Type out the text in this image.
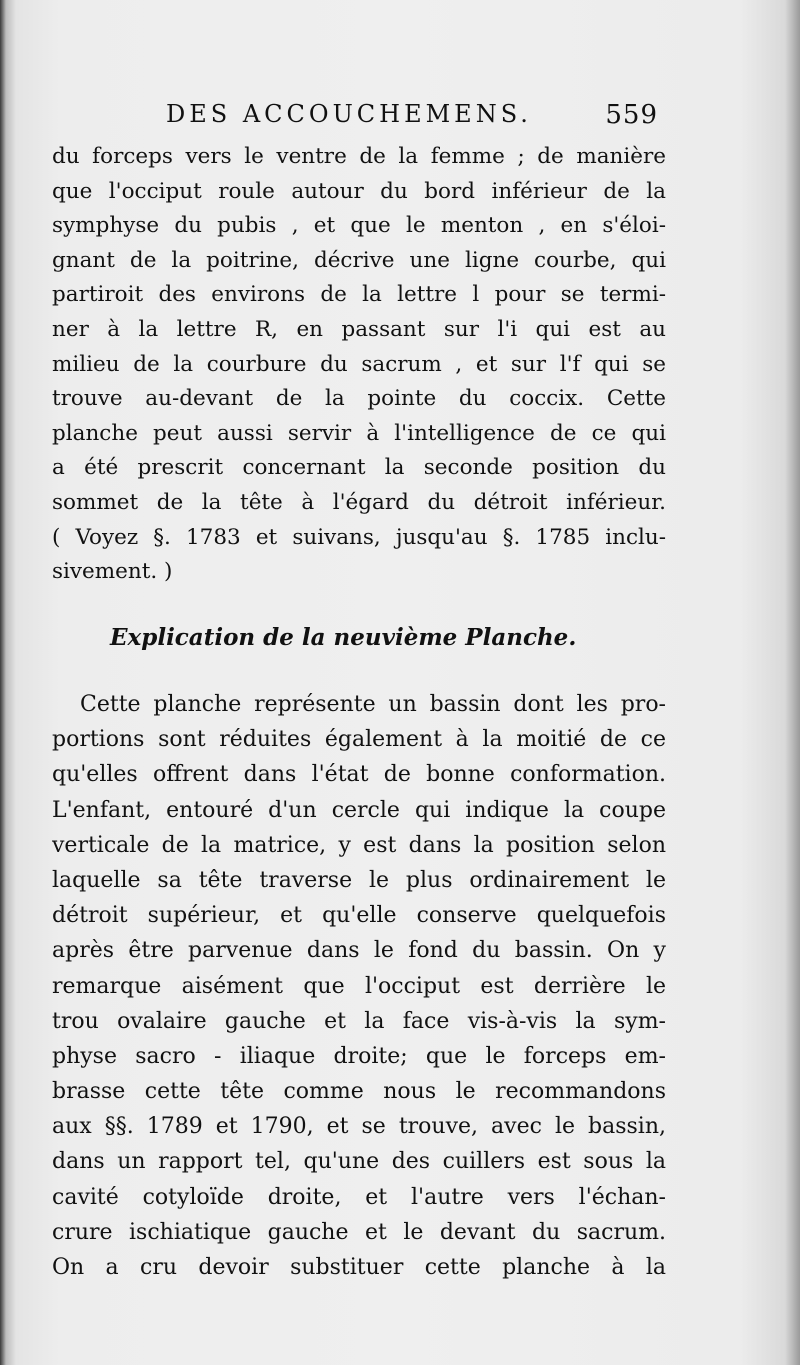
DES ACCOUCHEMENS.	559
du forceps vers le ventre de la femme ; de manière
que l'occiput roule autour du bord inférieur de la
symphyse du pubis , et que le menton , en s'éloi-
gnant de la poitrine, décrive une ligne courbe, qui
partiroit des environs de la lettre l pour se termi-
ner à la lettre R, en passant sur l'i qui est au
milieu de la courbure du sacrum , et sur l'f qui se
trouve au-devant de la pointe du coccix. Cette
planche peut aussi servir à l'intelligence de ce qui
a été prescrit concernant la seconde position du
sommet de la tête à l'égard du détroit inférieur.
( Voyez §. 1783 et suivans, jusqu'au §. 1785 inclu-
sivement. )
Explication de la neuvième Planche.
Cette planche représente un bassin dont les pro-
portions sont réduites également à la moitié de ce
qu'elles offrent dans l'état de bonne conformation.
L'enfant, entouré d'un cercle qui indique la coupe
verticale de la matrice, y est dans la position selon
laquelle sa tête traverse le plus ordinairement le
détroit supérieur, et qu'elle conserve quelquefois
après être parvenue dans le fond du bassin. On y
remarque aisément que l'occiput est derrière le
trou ovalaire gauche et la face vis-à-vis la sym-
physe sacro - iliaque droite; que le forceps em-
brasse cette tête comme nous le recommandons
aux §§. 1789 et 1790, et se trouve, avec le bassin,
dans un rapport tel, qu'une des cuillers est sous la
cavité cotyloïde droite, et l'autre vers l'échan-
crure ischiatique gauche et le devant du sacrum.
On a cru devoir substituer cette planche à la
